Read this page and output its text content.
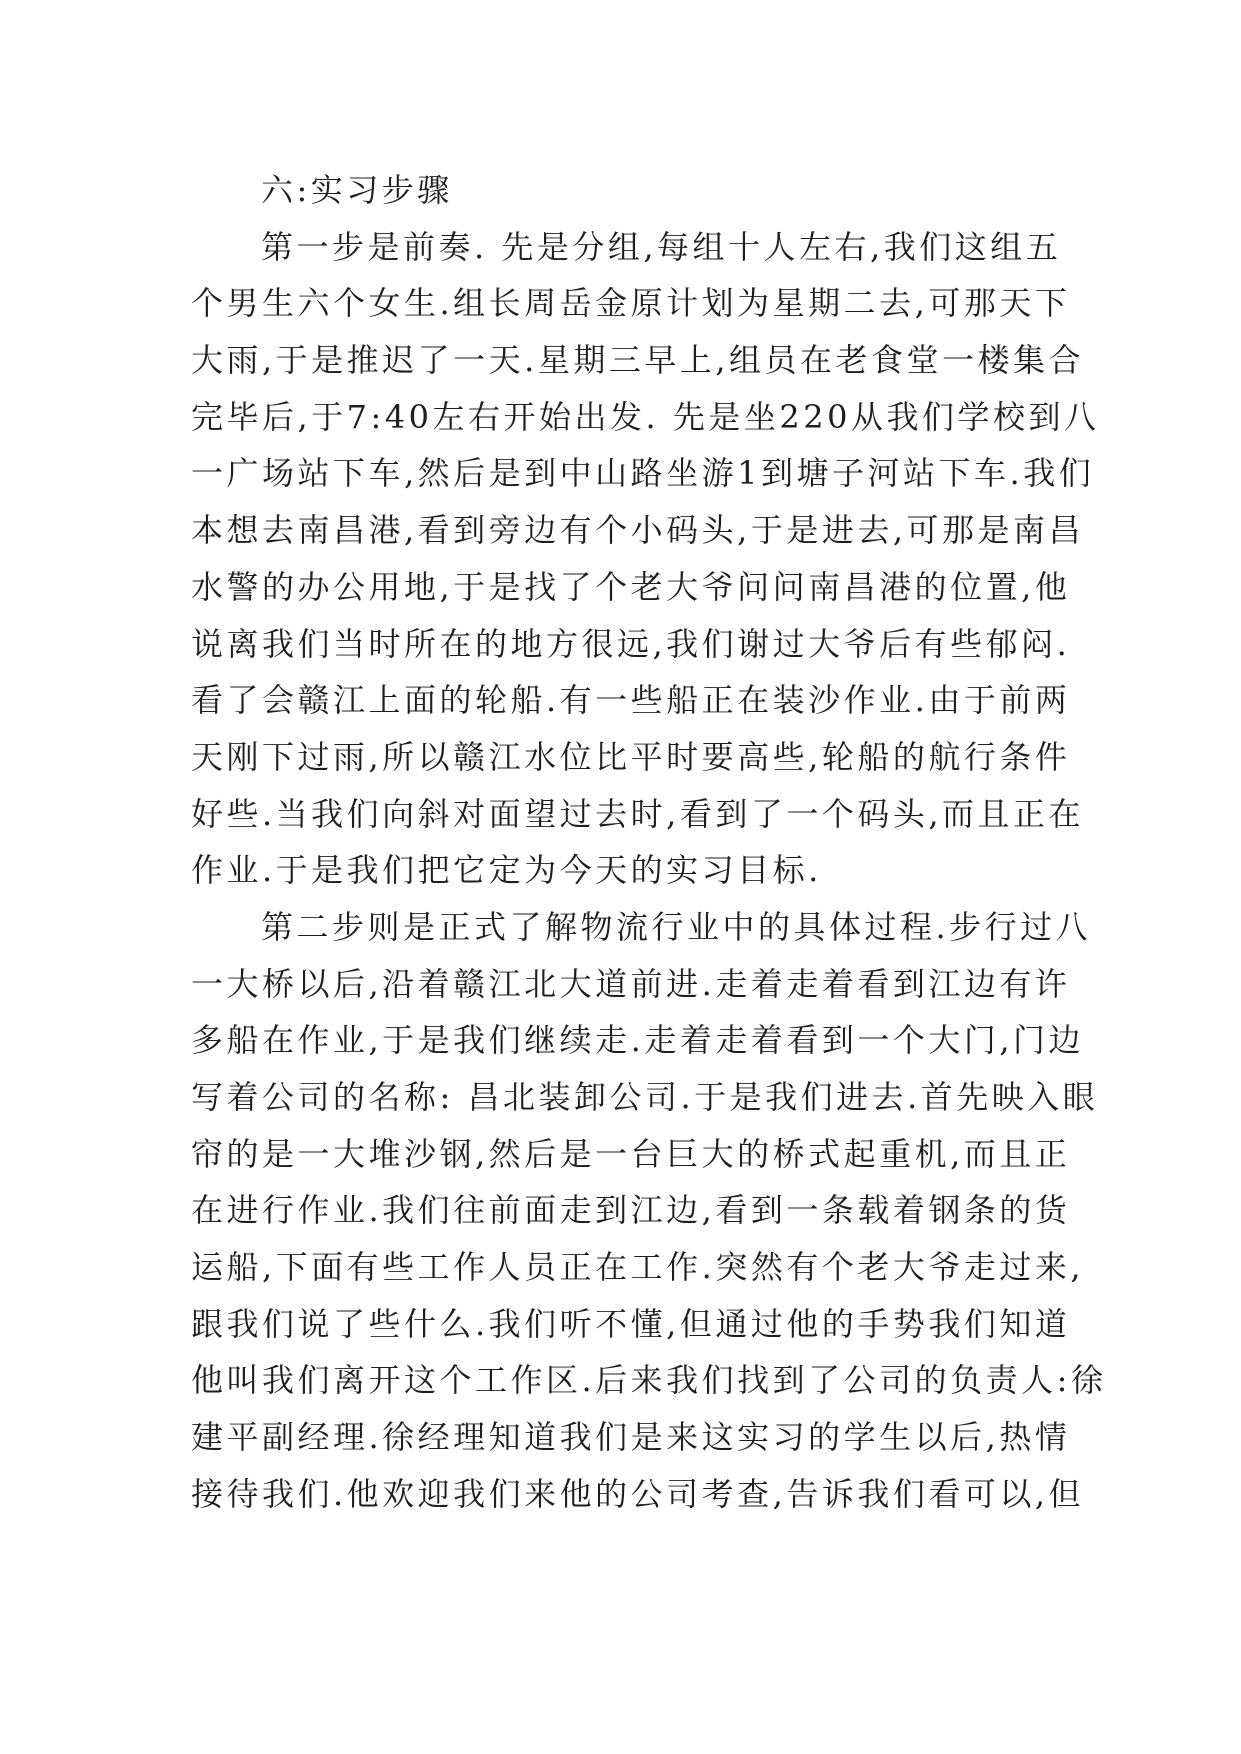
六:实习步骤
第一步是前奏. 先是分组,每组十人左右,我们这组五
个男生六个女生.组长周岳金原计划为星期二去,可那天下
大雨,于是推迟了一天.星期三早上,组员在老食堂一楼集合
完毕后,于7:40左右开始出发. 先是坐220从我们学校到八
一广场站下车,然后是到中山路坐游1到塘子河站下车.我们
本想去南昌港,看到旁边有个小码头,于是进去,可那是南昌
水警的办公用地,于是找了个老大爷问问南昌港的位置,他
说离我们当时所在的地方很远,我们谢过大爷后有些郁闷.
看了会赣江上面的轮船.有一些船正在装沙作业.由于前两
天刚下过雨,所以赣江水位比平时要高些,轮船的航行条件
好些.当我们向斜对面望过去时,看到了一个码头,而且正在
作业.于是我们把它定为今天的实习目标.
第二步则是正式了解物流行业中的具体过程.步行过八
一大桥以后,沿着赣江北大道前进.走着走着看到江边有许
多船在作业,于是我们继续走.走着走着看到一个大门,门边
写着公司的名称: 昌北装卸公司.于是我们进去.首先映入眼
帘的是一大堆沙钢,然后是一台巨大的桥式起重机,而且正
在进行作业.我们往前面走到江边,看到一条载着钢条的货
运船,下面有些工作人员正在工作.突然有个老大爷走过来,
跟我们说了些什么.我们听不懂,但通过他的手势我们知道
他叫我们离开这个工作区.后来我们找到了公司的负责人:徐
建平副经理.徐经理知道我们是来这实习的学生以后,热情
接待我们.他欢迎我们来他的公司考查,告诉我们看可以,但
